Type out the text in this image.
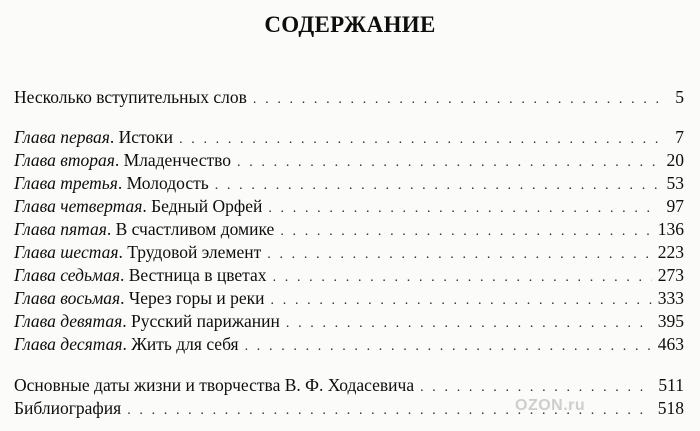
СОДЕРЖАНИЕ
Несколько вступительных слов . . .	5
Глава первая. Истоки . . .	7
Глава вторая. Младенчество . . .	20
Глава третья. Молодость . . .	53
Глава четвертая. Бедный Орфей . . .	97
Глава пятая. В счастливом домике . . .	136
Глава шестая. Трудовой элемент . . .	223
Глава седьмая. Вестница в цветах . . .	273
Глава восьмая. Через горы и реки . . .	333
Глава девятая. Русский парижанин . . .	395
Глава десятая. Жить для себя . . .	463
Основные даты жизни и творчества В. Ф. Ходасевича . . .	511
Библиография . . .	518
OZON.ru
